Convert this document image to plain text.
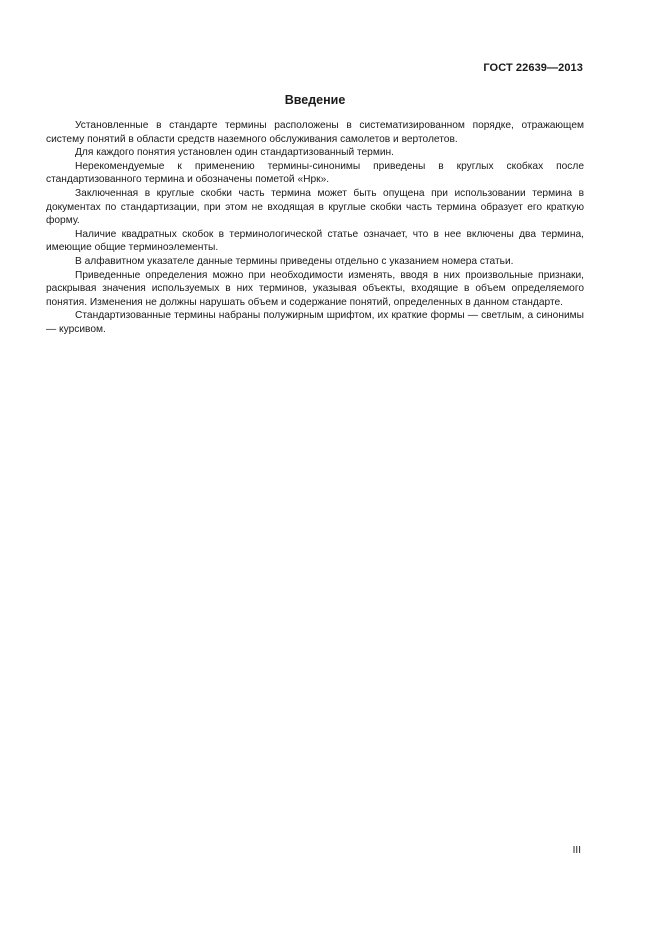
ГОСТ 22639—2013
Введение

Установленные в стандарте термины расположены в систематизированном порядке, отражающем систему понятий в области средств наземного обслуживания самолетов и вертолетов.

Для каждого понятия установлен один стандартизованный термин.

Нерекомендуемые к применению термины-синонимы приведены в круглых скобках после стандартизованного термина и обозначены пометой «Нрк».

Заключенная в круглые скобки часть термина может быть опущена при использовании термина в документах по стандартизации, при этом не входящая в круглые скобки часть термина образует его краткую форму.

Наличие квадратных скобок в терминологической статье означает, что в нее включены два термина, имеющие общие терминоэлементы.

В алфавитном указателе данные термины приведены отдельно с указанием номера статьи.

Приведенные определения можно при необходимости изменять, вводя в них произвольные признаки, раскрывая значения используемых в них терминов, указывая объекты, входящие в объем определяемого понятия. Изменения не должны нарушать объем и содержание понятий, определенных в данном стандарте.

Стандартизованные термины набраны полужирным шрифтом, их краткие формы — светлым, а синонимы — курсивом.

III
